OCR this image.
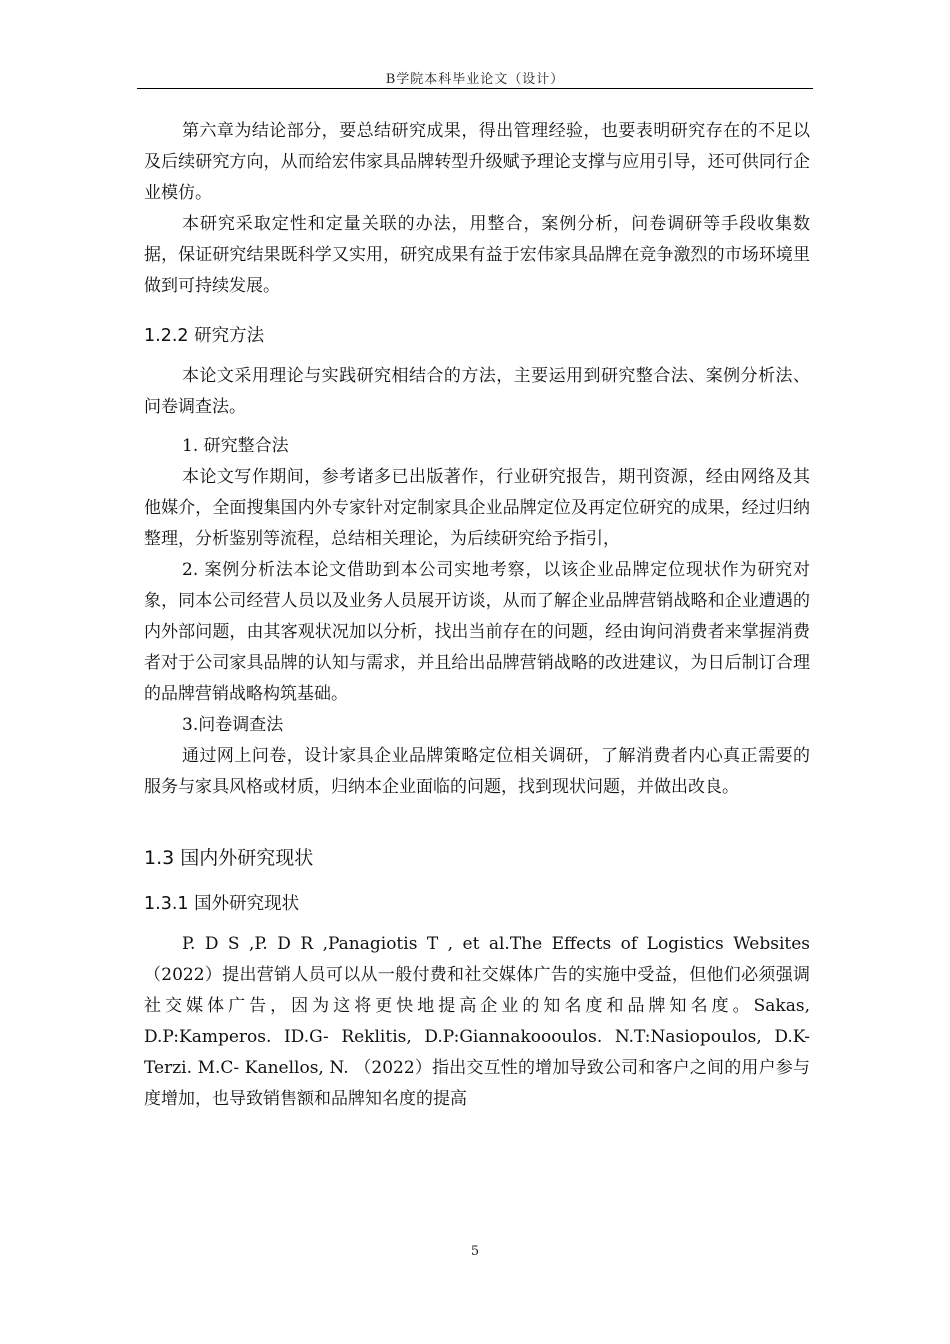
B学院本科毕业论文（设计）

第六章为结论部分，要总结研究成果，得出管理经验，也要表明研究存在的不足以及后续研究方向，从而给宏伟家具品牌转型升级赋予理论支撑与应用引导，还可供同行企业模仿。

本研究采取定性和定量关联的办法，用整合，案例分析，问卷调研等手段收集数据，保证研究结果既科学又实用，研究成果有益于宏伟家具品牌在竞争激烈的市场环境里做到可持续发展。

1.2.2 研究方法

本论文采用理论与实践研究相结合的方法，主要运用到研究整合法、案例分析法、问卷调查法。

1. 研究整合法

本论文写作期间，参考诸多已出版著作，行业研究报告，期刊资源，经由网络及其他媒介，全面搜集国内外专家针对定制家具企业品牌定位及再定位研究的成果，经过归纳整理，分析鉴别等流程，总结相关理论，为后续研究给予指引，

2. 案例分析法本论文借助到本公司实地考察，以该企业品牌定位现状作为研究对象，同本公司经营人员以及业务人员展开访谈，从而了解企业品牌营销战略和企业遭遇的内外部问题，由其客观状况加以分析，找出当前存在的问题，经由询问消费者来掌握消费者对于公司家具品牌的认知与需求，并且给出品牌营销战略的改进建议，为日后制订合理的品牌营销战略构筑基础。

3.问卷调查法

通过网上问卷，设计家具企业品牌策略定位相关调研，了解消费者内心真正需要的服务与家具风格或材质，归纳本企业面临的问题，找到现状问题，并做出改良。

1.3 国内外研究现状

1.3.1 国外研究现状

P. D S ,P. D R ,Panagiotis T , et al.The Effects of Logistics Websites （2022）提出营销人员可以从一般付费和社交媒体广告的实施中受益，但他们必须强调社交媒体广告，因为这将更快地提高企业的知名度和品牌知名度。Sakas, D.P:Kamperos. ID.G- Reklitis, D.P:Giannakoooulos. N.T:Nasiopoulos, D.K-Terzi. M.C- Kanellos, N. （2022）指出交互性的增加导致公司和客户之间的用户参与度增加，也导致销售额和品牌知名度的提高

5
